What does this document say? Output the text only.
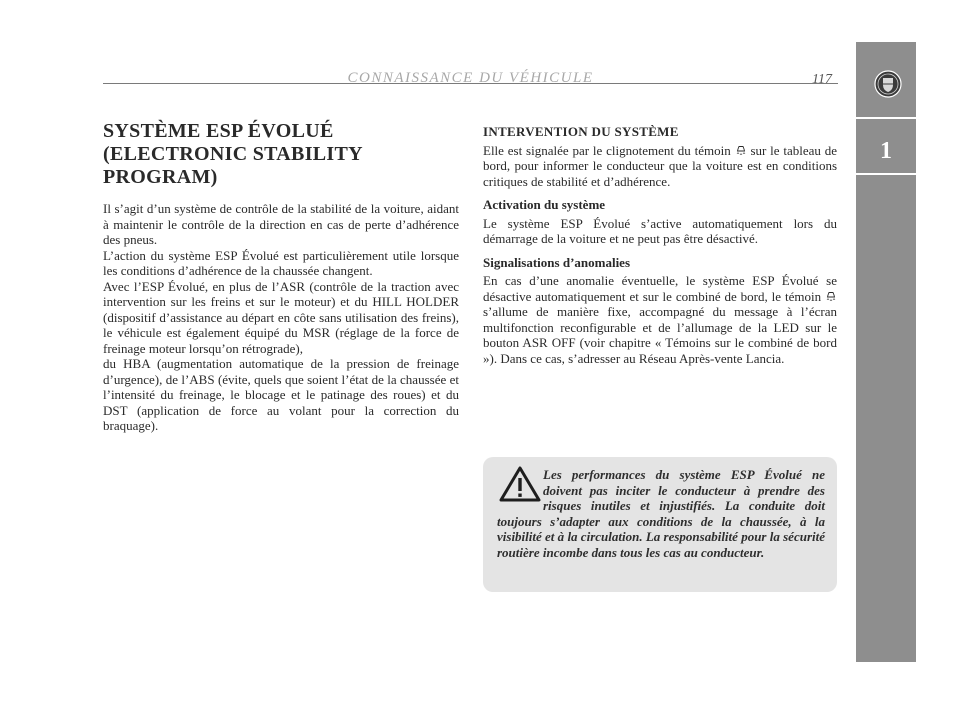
CONNAISSANCE DU VÉHICULE	117
1
SYSTÈME ESP ÉVOLUÉ
(ELECTRONIC STABILITY
PROGRAM)

Il s’agit d’un système de contrôle de la stabilité de la voiture, aidant à maintenir le contrôle de la direction en cas de perte d’adhérence des pneus.

L’action du système ESP Évolué est particulièrement utile lorsque les conditions d’adhérence de la chaussée changent.

Avec l’ESP Évolué, en plus de l’ASR (contrôle de la traction avec intervention sur les freins et sur le moteur) et du HILL HOLDER (dispositif d’assistance au départ en côte sans utilisation des freins), le véhicule est également équipé du MSR (réglage de la force de freinage moteur lorsqu’on rétrograde),

du HBA (augmentation automatique de la pression de freinage d’urgence), de l’ABS (évite, quels que soient l’état de la chaussée et l’intensité du freinage, le blocage et le patinage des roues) et du DST (application de force au volant pour la correction du braquage).

INTERVENTION DU SYSTÈME

Elle est signalée par le clignotement du témoin sur le tableau de bord, pour informer le conducteur que la voiture est en conditions critiques de stabilité et d’adhérence.

Activation du système

Le système ESP Évolué s’active automatiquement lors du démarrage de la voiture et ne peut pas être désactivé.

Signalisations d’anomalies

En cas d’une anomalie éventuelle, le système ESP Évolué se désactive automatiquement et sur le combiné de bord, le témoin  s’allume de manière fixe, accompagné du message à l’écran multifonction reconfigurable et de l’allumage de la LED sur le bouton ASR OFF (voir chapitre « Témoins sur le combiné de bord »). Dans ce cas, s’adresser au Réseau Après-vente Lancia.

Les performances du système ESP Évolué ne doivent pas inciter le conducteur à prendre des risques inutiles et injustifiés. La conduite doit toujours s’adapter aux conditions de la chaussée, à la visibilité et à la circulation. La responsabilité pour la sécurité routière incombe dans tous les cas au conducteur.
